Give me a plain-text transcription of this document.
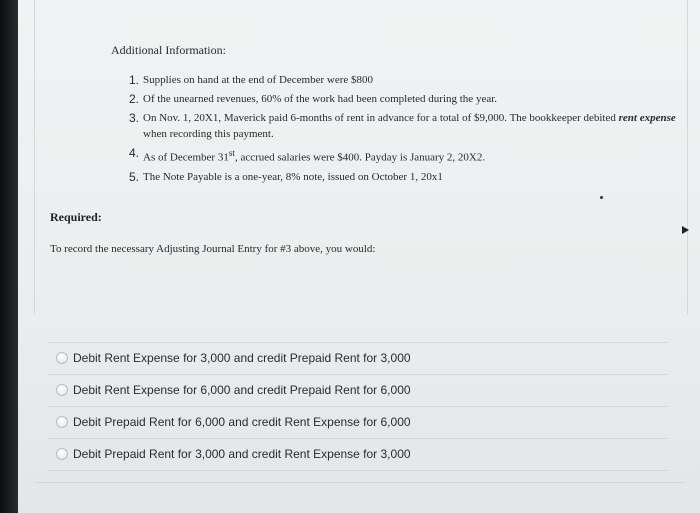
Additional Information:
1. Supplies on hand at the end of December were $800
2. Of the unearned revenues, 60% of the work had been completed during the year.
3. On Nov. 1, 20X1, Maverick paid 6-months of rent in advance for a total of $9,000. The bookkeeper debited rent expense when recording this payment.
4. As of December 31st, accrued salaries were $400. Payday is January 2, 20X2.
5. The Note Payable is a one-year, 8% note, issued on October 1, 20x1
Required:
To record the necessary Adjusting Journal Entry for #3 above, you would:
Debit Rent Expense for 3,000 and credit Prepaid Rent for 3,000
Debit Rent Expense for 6,000 and credit Prepaid Rent for 6,000
Debit Prepaid Rent for 6,000 and credit Rent Expense for 6,000
Debit Prepaid Rent for 3,000 and credit Rent Expense for 3,000
